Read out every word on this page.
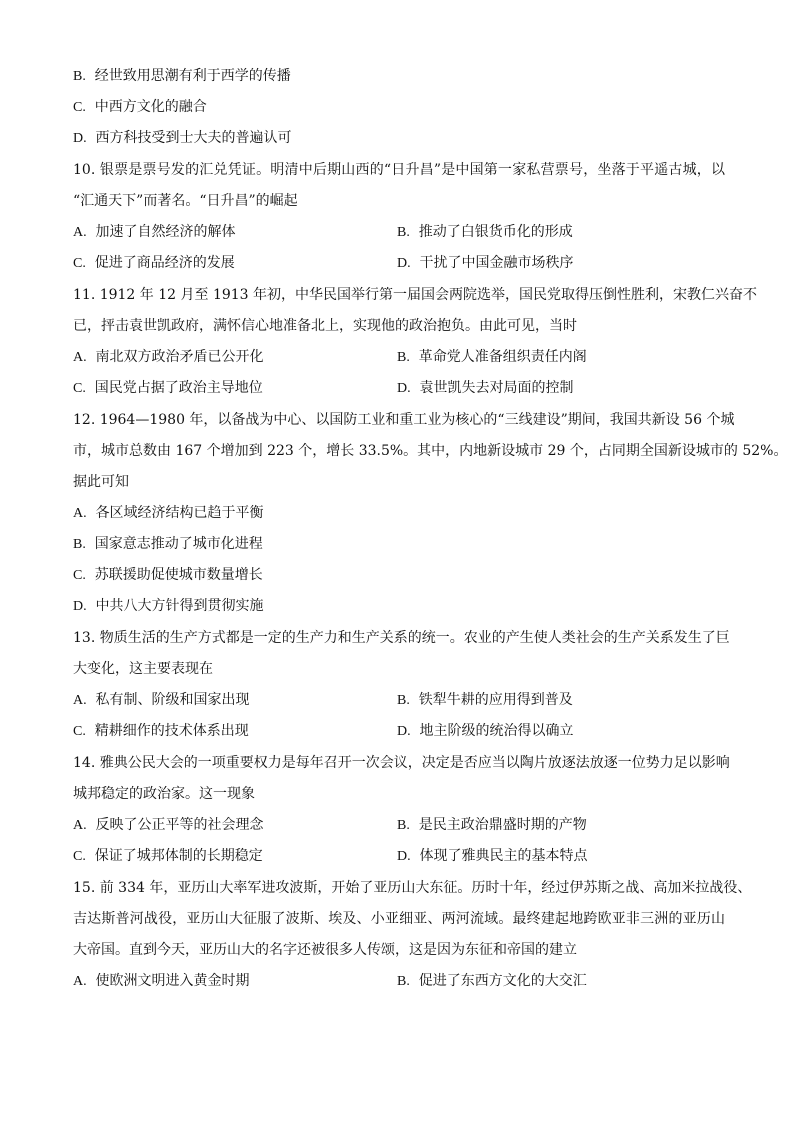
B. 经世致用思潮有利于西学的传播
C. 中西方文化的融合
D. 西方科技受到士大夫的普遍认可
10. 银票是票号发的汇兑凭证。明清中后期山西的“日升昌”是中国第一家私营票号，坐落于平遥古城，以
“汇通天下”而著名。“日升昌”的崛起
A. 加速了自然经济的解体	B. 推动了白银货币化的形成
C. 促进了商品经济的发展	D. 干扰了中国金融市场秩序
11. 1912 年 12 月至 1913 年初，中华民国举行第一届国会两院选举，国民党取得压倒性胜利，宋教仁兴奋不
已，抨击袁世凯政府，满怀信心地准备北上，实现他的政治抱负。由此可见，当时
A. 南北双方政治矛盾已公开化	B. 革命党人准备组织责任内阁
C. 国民党占据了政治主导地位	D. 袁世凯失去对局面的控制
12. 1964—1980 年，以备战为中心、以国防工业和重工业为核心的“三线建设”期间，我国共新设 56 个城
市，城市总数由 167 个增加到 223 个，增长 33.5%。其中，内地新设城市 29 个，占同期全国新设城市的 52%。
据此可知
A. 各区域经济结构已趋于平衡
B. 国家意志推动了城市化进程
C. 苏联援助促使城市数量增长
D. 中共八大方针得到贯彻实施
13. 物质生活的生产方式都是一定的生产力和生产关系的统一。农业的产生使人类社会的生产关系发生了巨
大变化，这主要表现在
A. 私有制、阶级和国家出现	B. 铁犁牛耕的应用得到普及
C. 精耕细作的技术体系出现	D. 地主阶级的统治得以确立
14. 雅典公民大会的一项重要权力是每年召开一次会议，决定是否应当以陶片放逐法放逐一位势力足以影响
城邦稳定的政治家。这一现象
A. 反映了公正平等的社会理念	B. 是民主政治鼎盛时期的产物
C. 保证了城邦体制的长期稳定	D. 体现了雅典民主的基本特点
15. 前 334 年，亚历山大率军进攻波斯，开始了亚历山大东征。历时十年，经过伊苏斯之战、高加米拉战役、
吉达斯普河战役，亚历山大征服了波斯、埃及、小亚细亚、两河流域。最终建起地跨欧亚非三洲的亚历山
大帝国。直到今天，亚历山大的名字还被很多人传颂，这是因为东征和帝国的建立
A. 使欧洲文明进入黄金时期	B. 促进了东西方文化的大交汇
